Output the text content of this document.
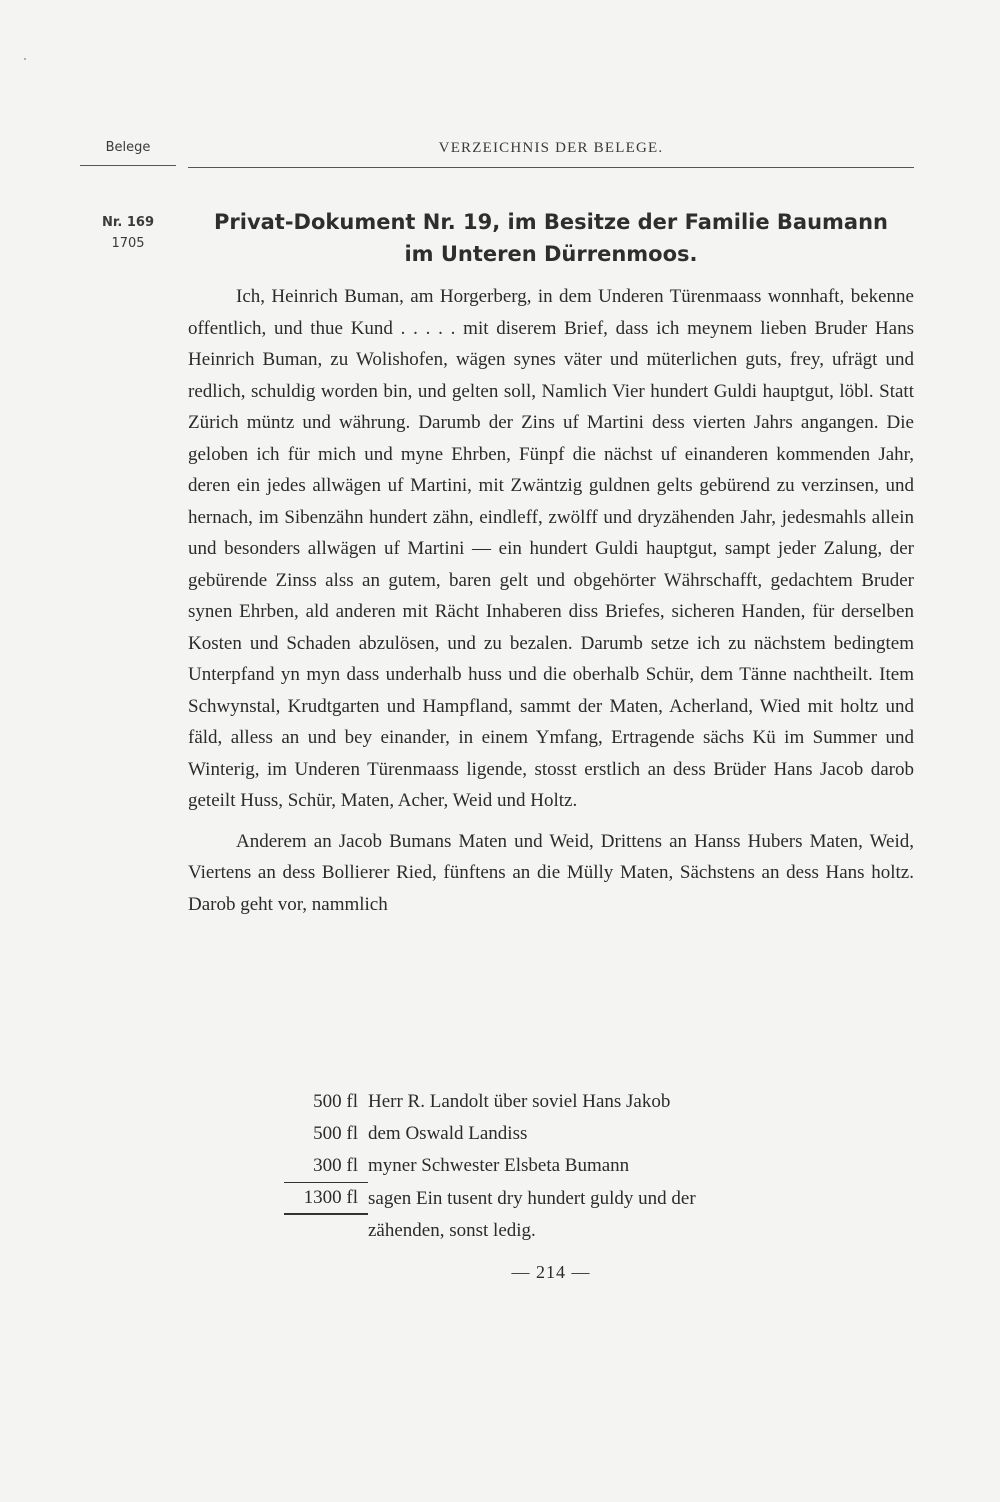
Belege	VERZEICHNIS DER BELEGE.
Nr. 169
1705
Privat-Dokument Nr. 19, im Besitze der Familie Baumann
im Unteren Dürrenmoos.

Ich, Heinrich Buman, am Horgerberg, in dem Underen Türenmaass wonnhaft, bekenne offentlich, und thue Kund . . . . . mit diserem Brief, dass ich meynem lieben Bruder Hans Heinrich Buman, zu Wolishofen, wägen synes väter und müterlichen guts, frey, ufrägt und redlich, schuldig worden bin, und gelten soll, Namlich Vier hundert Guldi hauptgut, löbl. Statt Zürich müntz und währung. Darumb der Zins uf Martini dess vierten Jahrs angangen. Die geloben ich für mich und myne Ehrben, Fünpf die nächst uf einanderen kommenden Jahr, deren ein jedes allwägen uf Martini, mit Zwäntzig guldnen gelts gebürend zu verzinsen, und hernach, im Sibenzähn hundert zähn, eindleff, zwölff und dryzähenden Jahr, jedesmahls allein und besonders allwägen uf Martini — ein hundert Guldi hauptgut, sampt jeder Zalung, der gebürende Zinss alss an gutem, baren gelt und obgehörter Währschafft, gedachtem Bruder synen Ehrben, ald anderen mit Rächt Inhaberen diss Briefes, sicheren Handen, für derselben Kosten und Schaden abzulösen, und zu bezalen. Darumb setze ich zu nächstem bedingtem Unterpfand yn myn dass underhalb huss und die oberhalb Schür, dem Tänne nachtheilt. Item Schwynstal, Krudtgarten und Hampfland, sammt der Maten, Acherland, Wied mit holtz und fäld, alless an und bey einander, in einem Ymfang, Ertragende sächs Kü im Summer und Winterig, im Underen Türenmaass ligende, stosst erstlich an dess Brüder Hans Jacob darob geteilt Huss, Schür, Maten, Acher, Weid und Holtz.

Anderem an Jacob Bumans Maten und Weid, Drittens an Hanss Hubers Maten, Weid, Viertens an dess Bollierer Ried, fünftens an die Mülly Maten, Sächstens an dess Hans holtz. Darob geht vor, nammlich

500 fl Herr R. Landolt über soviel Hans Jakob
500 fl dem Oswald Landiss
300 fl myner Schwester Elsbeta Bumann
1300 fl sagen Ein tusent dry hundert guldy und der
zähenden, sonst ledig.
— 214 —
